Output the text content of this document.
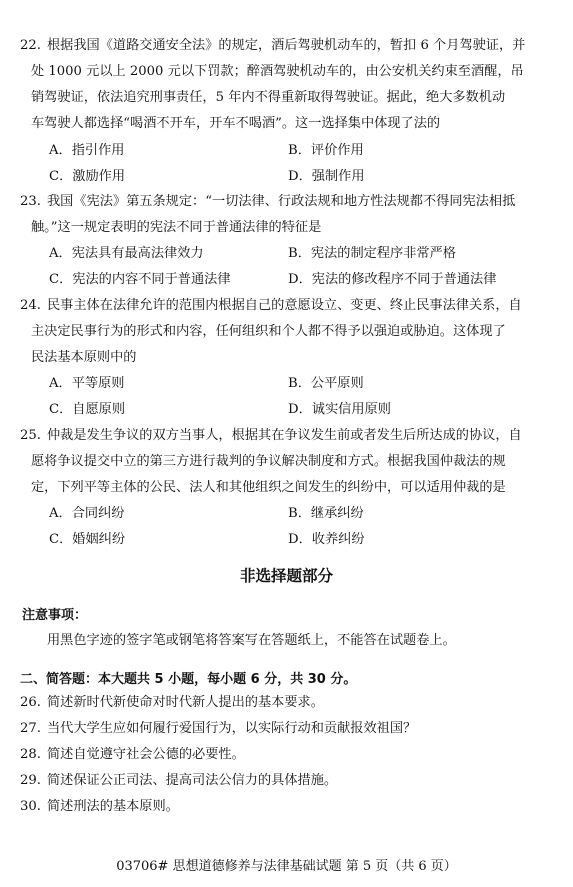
22. 根据我国《道路交通安全法》的规定，酒后驾驶机动车的，暂扣 6 个月驾驶证，并
处 1000 元以上 2000 元以下罚款；醉酒驾驶机动车的，由公安机关约束至酒醒，吊
销驾驶证，依法追究刑事责任，5 年内不得重新取得驾驶证。据此，绝大多数机动
车驾驶人都选择“喝酒不开车，开车不喝酒”。这一选择集中体现了法的
A．指引作用	B．评价作用
C．激励作用	D．强制作用
23. 我国《宪法》第五条规定：“一切法律、行政法规和地方性法规都不得同宪法相抵
触。”这一规定表明的宪法不同于普通法律的特征是
A．宪法具有最高法律效力	B．宪法的制定程序非常严格
C．宪法的内容不同于普通法律	D．宪法的修改程序不同于普通法律
24. 民事主体在法律允许的范围内根据自己的意愿设立、变更、终止民事法律关系，自
主决定民事行为的形式和内容，任何组织和个人都不得予以强迫或胁迫。这体现了
民法基本原则中的
A．平等原则	B．公平原则
C．自愿原则	D．诚实信用原则
25. 仲裁是发生争议的双方当事人，根据其在争议发生前或者发生后所达成的协议，自
愿将争议提交中立的第三方进行裁判的争议解决制度和方式。根据我国仲裁法的规
定，下列平等主体的公民、法人和其他组织之间发生的纠纷中，可以适用仲裁的是
A．合同纠纷	B．继承纠纷
C．婚姻纠纷	D．收养纠纷
非选择题部分
注意事项：
用黑色字迹的签字笔或钢笔将答案写在答题纸上，不能答在试题卷上。
二、简答题：本大题共 5 小题，每小题 6 分，共 30 分。
26. 简述新时代新使命对时代新人提出的基本要求。
27. 当代大学生应如何履行爱国行为，以实际行动和贡献报效祖国？
28. 简述自觉遵守社会公德的必要性。
29. 简述保证公正司法、提高司法公信力的具体措施。
30. 简述刑法的基本原则。
03706# 思想道德修养与法律基础试题 第 5 页（共 6 页）
